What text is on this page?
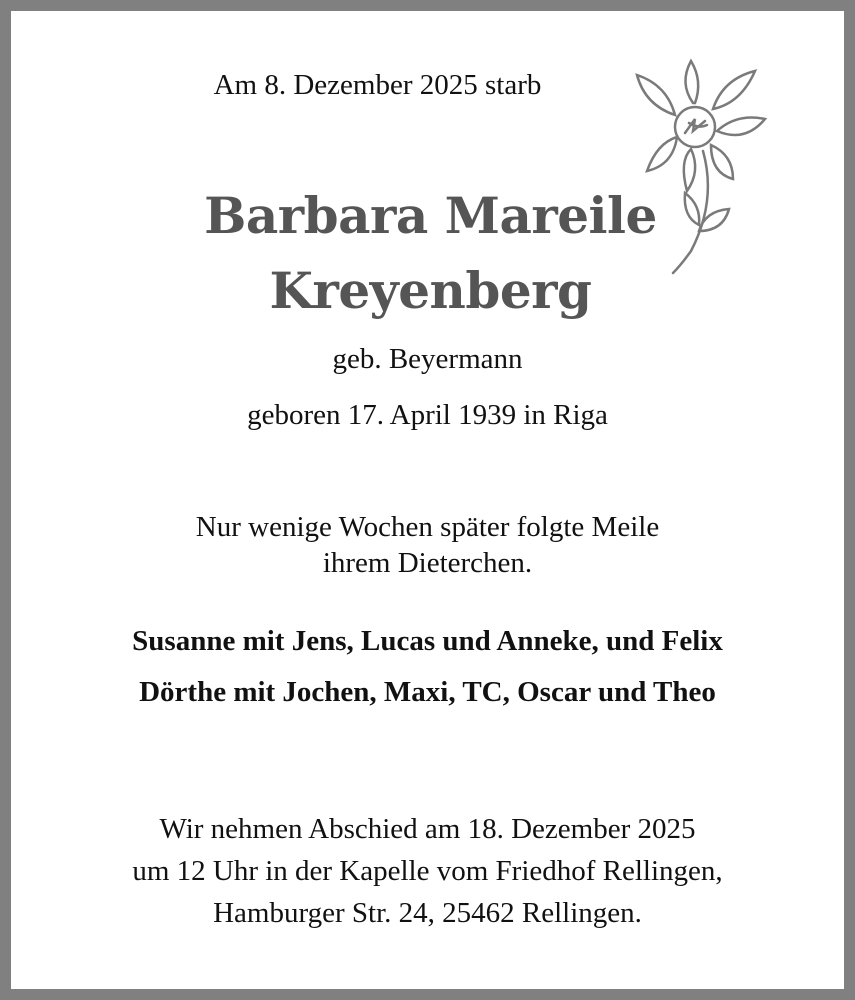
Am 8. Dezember 2025 starb
Barbara Mareile
Kreyenberg
geb. Beyermann
geboren 17. April 1939 in Riga
Nur wenige Wochen später folgte Meile
ihrem Dieterchen.
Susanne mit Jens, Lucas und Anneke, und Felix
Dörthe mit Jochen, Maxi, TC, Oscar und Theo
Wir nehmen Abschied am 18. Dezember 2025
um 12 Uhr in der Kapelle vom Friedhof Rellingen,
Hamburger Str. 24, 25462 Rellingen.
